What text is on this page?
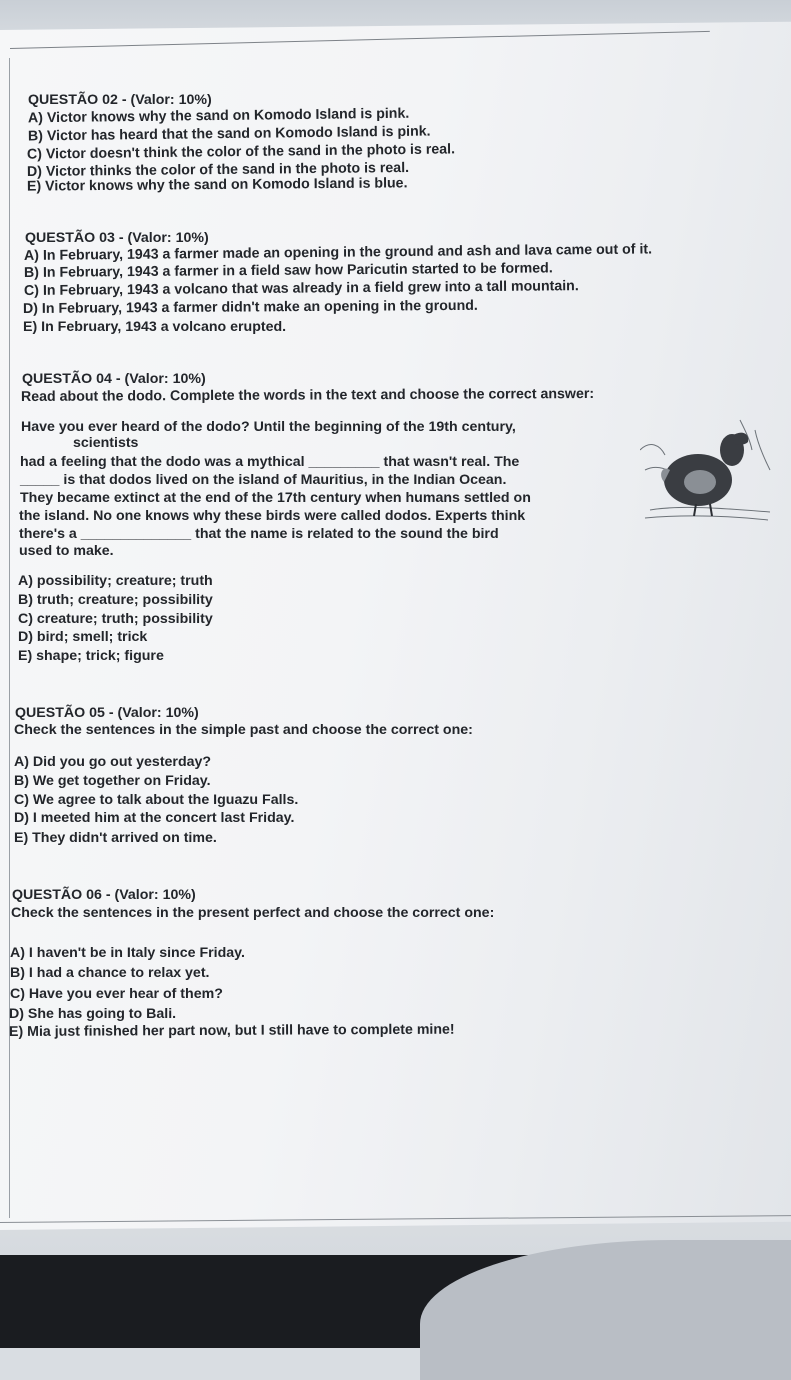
QUESTÃO 02 - (Valor: 10%)
A) Victor knows why the sand on Komodo Island is pink.
B) Victor has heard that the sand on Komodo Island is pink.
C) Victor doesn't think the color of the sand in the photo is real.
D) Victor thinks the color of the sand in the photo is real.
E) Victor knows why the sand on Komodo Island is blue.
QUESTÃO 03 - (Valor: 10%)
A) In February, 1943 a farmer made an opening in the ground and ash and lava came out of it.
B) In February, 1943 a farmer in a field saw how Paricutin started to be formed.
C) In February, 1943 a volcano that was already in a field grew into a tall mountain.
D) In February, 1943 a farmer didn't make an opening in the ground.
E) In February, 1943 a volcano erupted.
QUESTÃO 04 - (Valor: 10%)
Read about the dodo. Complete the words in the text and choose the correct answer:
Have you ever heard of the dodo? Until the beginning of the 19th century,
scientists
had a feeling that the dodo was a mythical _________ that wasn't real. The
_____ is that dodos lived on the island of Mauritius, in the Indian Ocean.
They became extinct at the end of the 17th century when humans settled on
the island. No one knows why these birds were called dodos. Experts think
there's a ______________ that the name is related to the sound the bird
used to make.
A) possibility; creature; truth
B) truth; creature; possibility
C) creature; truth; possibility
D) bird; smell; trick
E) shape; trick; figure
QUESTÃO 05 - (Valor: 10%)
Check the sentences in the simple past and choose the correct one:
A) Did you go out yesterday?
B) We get together on Friday.
C) We agree to talk about the Iguazu Falls.
D) I meeted him at the concert last Friday.
E) They didn't arrived on time.
QUESTÃO 06 - (Valor: 10%)
Check the sentences in the present perfect and choose the correct one:
A) I haven't be in Italy since Friday.
B) I had a chance to relax yet.
C) Have you ever hear of them?
D) She has going to Bali.
E) Mia just finished her part now, but I still have to complete mine!
